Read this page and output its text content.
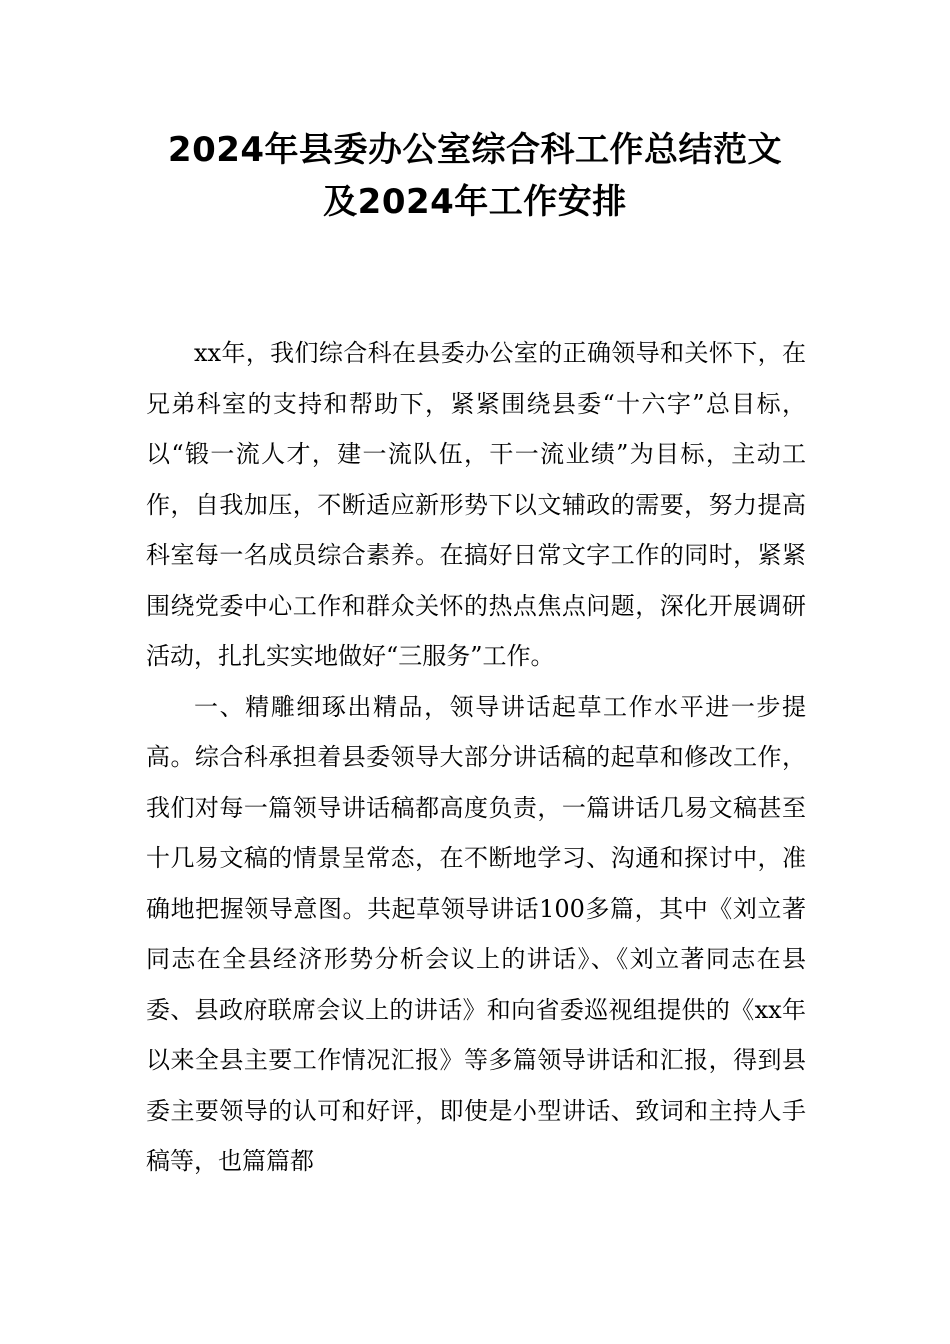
2024年县委办公室综合科工作总结范文
及2024年工作安排

xx年，我们综合科在县委办公室的正确领导和关怀下，在兄弟科室的支持和帮助下，紧紧围绕县委“十六字”总目标，以“锻一流人才，建一流队伍，干一流业绩”为目标，主动工作，自我加压，不断适应新形势下以文辅政的需要，努力提高科室每一名成员综合素养。在搞好日常文字工作的同时，紧紧围绕党委中心工作和群众关怀的热点焦点问题，深化开展调研活动，扎扎实实地做好“三服务”工作。

一、精雕细琢出精品，领导讲话起草工作水平进一步提高。综合科承担着县委领导大部分讲话稿的起草和修改工作，我们对每一篇领导讲话稿都高度负责，一篇讲话几易文稿甚至十几易文稿的情景呈常态，在不断地学习、沟通和探讨中，准确地把握领导意图。共起草领导讲话100多篇，其中《刘立著同志在全县经济形势分析会议上的讲话》、《刘立著同志在县委、县政府联席会议上的讲话》和向省委巡视组提供的《xx年以来全县主要工作情况汇报》等多篇领导讲话和汇报，得到县委主要领导的认可和好评，即使是小型讲话、致词和主持人手稿等，也篇篇都
